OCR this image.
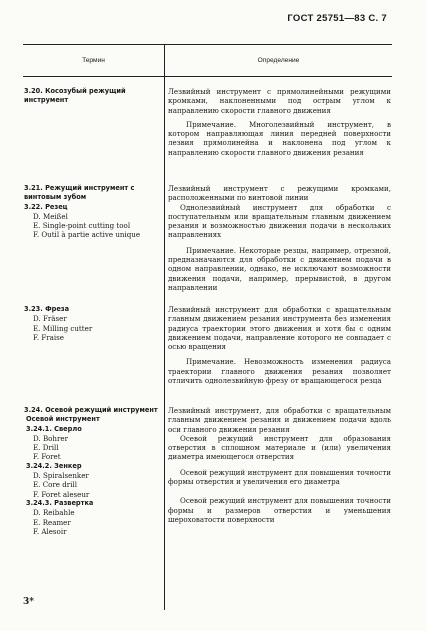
ГОСТ 25751—83 С. 7
Термин	Определение
3.20. Косозубый режущий инструмент

Лезвийный инструмент с прямолинейными режущими кромками, наклоненными под острым углом к направлению скорости главного движения

Примечание. Многолезвийный инструмент, в котором направляющая линия передней поверхности лезвия прямолинейна и наклонена под углом к направлению скорости главного движения резания

3.21. Режущий инструмент с винтовым зубом

3.22. Резец

D. Meißel

E. Single-point cutting tool

F. Outil à partie active unique

Лезвийный инструмент с режущими кромками, расположенными по винтовой линии

Однолезвийный инструмент для обработки с поступательным или вращательным главным движением резания и возможностью движения подачи в нескольких направлениях

Примечание. Некоторые резцы, например, отрезной, предназначаются для обработки с движением подачи в одном направлении, однако, не исключают возможности движения подачи, например, прерывистой, в другом направлении

3.23. Фреза

D. Fräser

E. Milling cutter

F. Fraise

Лезвийный инструмент для обработки с вращательным главным движением резания инструмента без изменения радиуса траектории этого движения и хотя бы с одним движением подачи, направление которого не совпадает с осью вращения

Примечание. Невозможность изменения радиуса траектории главного движения резания позволяет отличить однолезвийную фрезу от вращающегося резца

3.24. Осевой режущий инструмент

Осевой инструмент

3.24.1. Сверло

D. Bohrer

E. Drill

F. Foret

3.24.2. Зенкер

D. Spiralsenker

E. Core drill

F. Foret aleseur

3.24.3. Развертка

D. Reibahle

E. Reamer

F. Alesoir

Лезвийный инструмент, для обработки с вращательным главным движением резания и движением подачи вдоль оси главного движения резания

Осевой режущий инструмент для образования отверстия в сплошном материале и (или) увеличения диаметра имеющегося отверстия

Осевой режущий инструмент для повышения точности формы отверстия и увеличения его диаметра

Осевой режущий инструмент для повышения точности формы и размеров отверстия и уменьшения шероховатости поверхности

3*
